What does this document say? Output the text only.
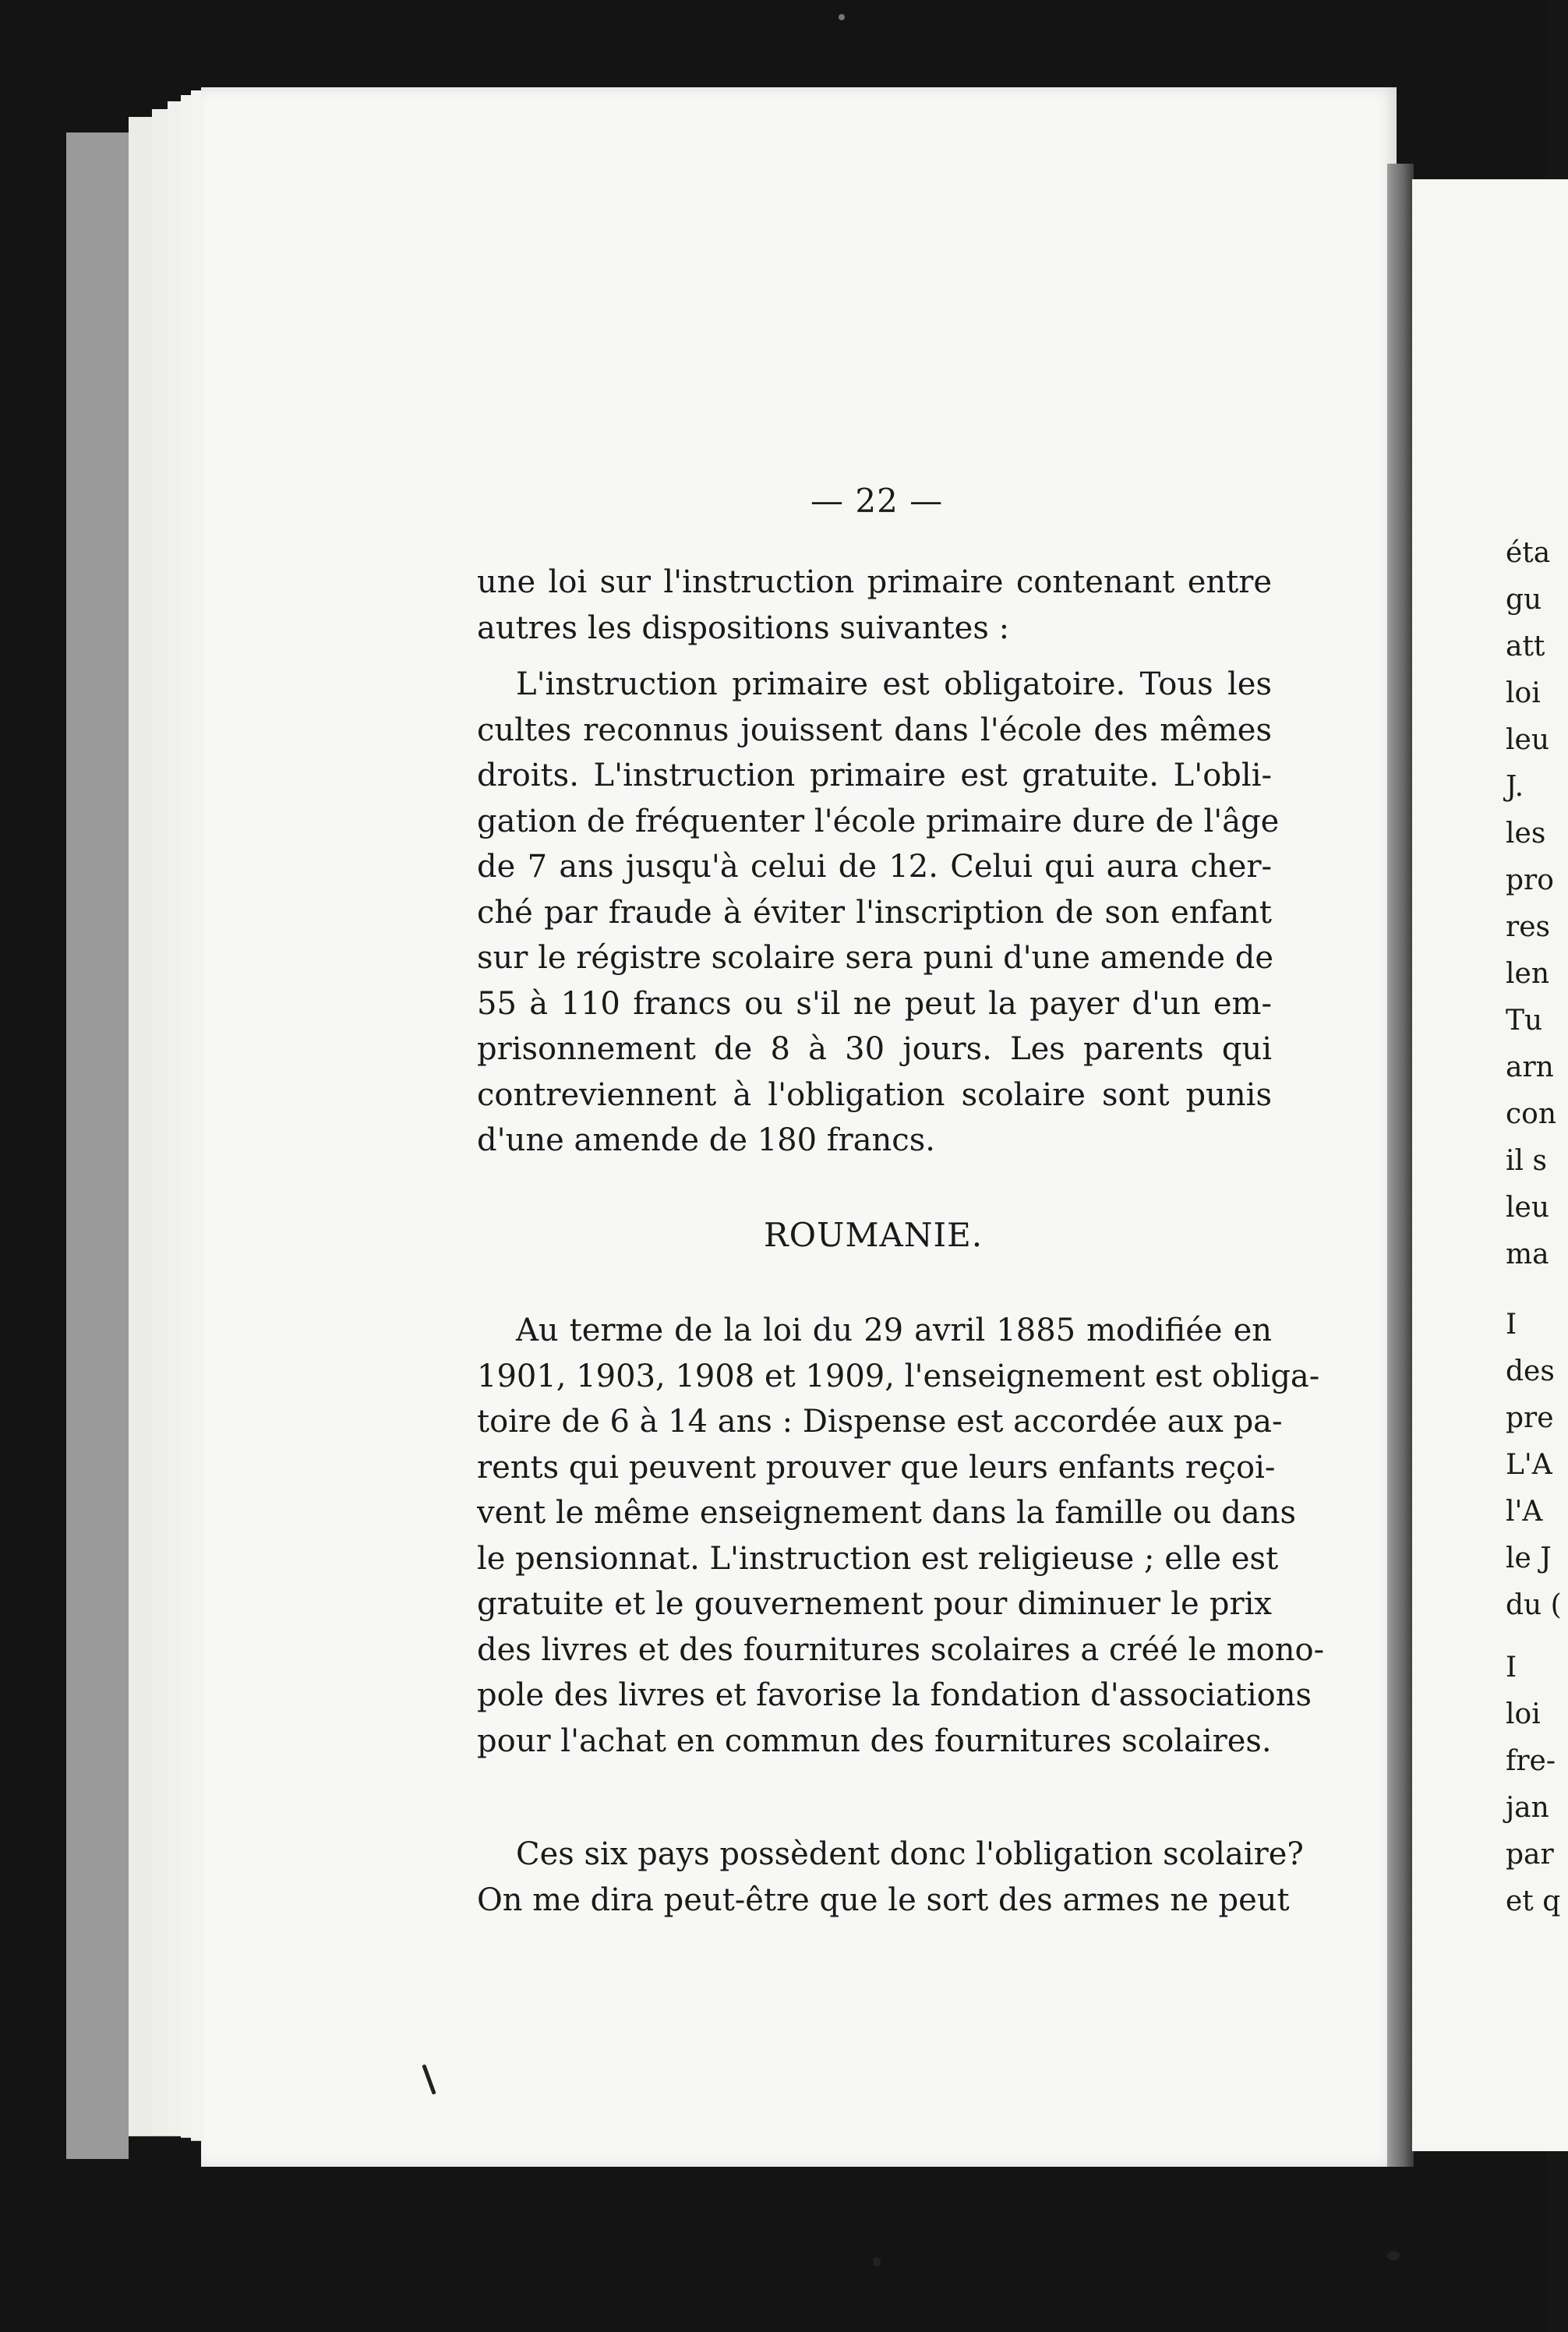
— 22 —
une loi sur l'instruction primaire contenant entre
autres les dispositions suivantes :
L'instruction primaire est obligatoire. Tous les
cultes reconnus jouissent dans l'école des mêmes
droits. L'instruction primaire est gratuite. L'obli-
gation de fréquenter l'école primaire dure de l'âge
de 7 ans jusqu'à celui de 12. Celui qui aura cher-
ché par fraude à éviter l'inscription de son enfant
sur le régistre scolaire sera puni d'une amende de
55 à 110 francs ou s'il ne peut la payer d'un em-
prisonnement de 8 à 30 jours. Les parents qui
contreviennent à l'obligation scolaire sont punis
d'une amende de 180 francs.
ROUMANIE.
Au terme de la loi du 29 avril 1885 modifiée en
1901, 1903, 1908 et 1909, l'enseignement est obliga-
toire de 6 à 14 ans : Dispense est accordée aux pa-
rents qui peuvent prouver que leurs enfants reçoi-
vent le même enseignement dans la famille ou dans
le pensionnat. L'instruction est religieuse ; elle est
gratuite et le gouvernement pour diminuer le prix
des livres et des fournitures scolaires a créé le mono-
pole des livres et favorise la fondation d'associations
pour l'achat en commun des fournitures scolaires.
Ces six pays possèdent donc l'obligation scolaire?
On me dira peut-être que le sort des armes ne peut
éta
gu
att
loi
leu
J.
les
pro
res
len
Tu
arn
con
il s
leu
ma
I
des
pre
L'A
l'A
le J
du (
I
loi
fre-
jan
par
et q
